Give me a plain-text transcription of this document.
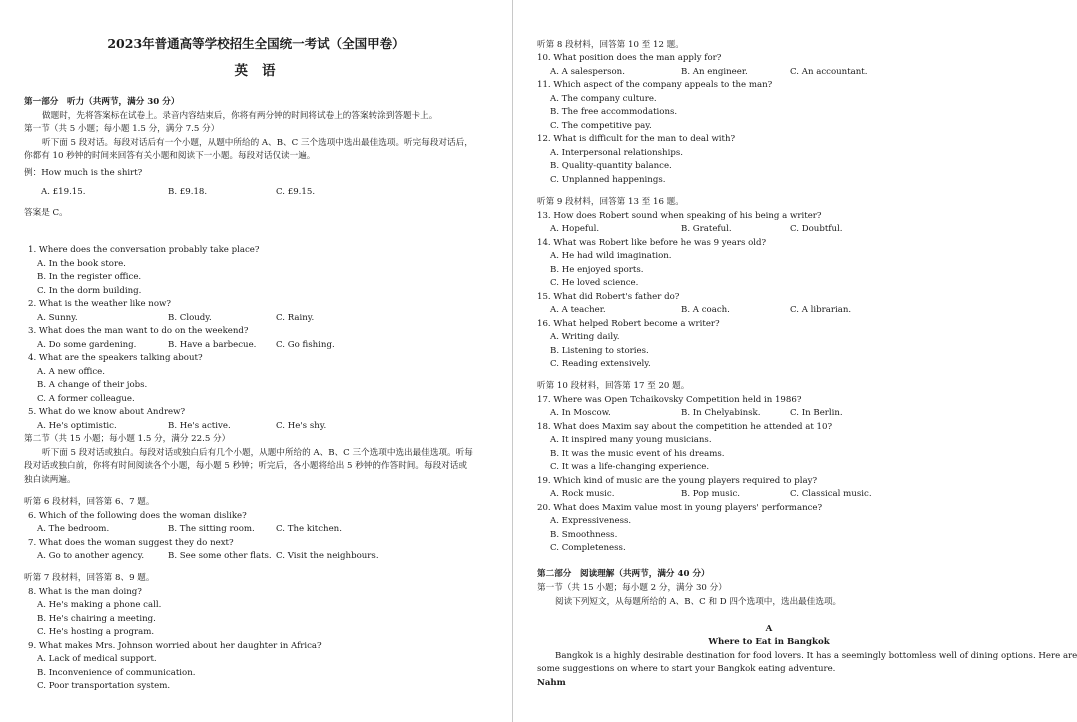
2023年普通高等学校招生全国统一考试（全国甲卷）
英语
第一部分　听力（共两节，满分 30 分）
做题时，先将答案标在试卷上。录音内容结束后，你将有两分钟的时间将试卷上的答案转涂到答题卡上。
第一节（共 5 小题；每小题 1.5 分，满分 7.5 分）
听下面 5 段对话。每段对话后有一个小题，从题中所给的 A、B、C 三个选项中选出最佳选项。听完每段对话后，
你都有 10 秒钟的时间来回答有关小题和阅读下一小题。每段对话仅读一遍。
例：How much is the shirt?
A. £19.15.	B. £9.18.	C. £9.15.
答案是 C。
1. Where does the conversation probably take place?
A. In the book store.
B. In the register office.
C. In the dorm building.
2. What is the weather like now?
A. Sunny.	B. Cloudy.	C. Rainy.
3. What does the man want to do on the weekend?
A. Do some gardening.	B. Have a barbecue. C. Go fishing.
4. What are the speakers talking about?
A. A new office.
B. A change of their jobs.
C. A former colleague.
5. What do we know about Andrew?
A. He's optimistic.	B. He's active.	C. He's shy.
第二节（共 15 小题；每小题 1.5 分，满分 22.5 分）
听下面 5 段对话或独白。每段对话或独白后有几个小题，从题中所给的 A、B、C 三个选项中选出最佳选项。听每
段对话或独白前，你将有时间阅读各个小题，每小题 5 秒钟；听完后，各小题将给出 5 秒钟的作答时间。每段对话或
独白读两遍。
听第 6 段材料，回答第 6、7 题。
6. Which of the following does the woman dislike?
A. The bedroom.	B. The sitting room. C. The kitchen.
7. What does the woman suggest they do next?
A. Go to another agency.	B. See some other flats. C. Visit the neighbours.
听第 7 段材料，回答第 8、9 题。
8. What is the man doing?
A. He's making a phone call.
B. He's chairing a meeting.
C. He's hosting a program.
9. What makes Mrs. Johnson worried about her daughter in Africa?
A. Lack of medical support.
B. Inconvenience of communication.
C. Poor transportation system.
听第 8 段材料，回答第 10 至 12 题。
10. What position does the man apply for?
A. A salesperson.	B. An engineer.	C. An accountant.
11. Which aspect of the company appeals to the man?
A. The company culture.
B. The free accommodations.
C. The competitive pay.
12. What is difficult for the man to deal with?
A. Interpersonal relationships.
B. Quality-quantity balance.
C. Unplanned happenings.
听第 9 段材料，回答第 13 至 16 题。
13. How does Robert sound when speaking of his being a writer?
A. Hopeful.	B. Grateful.	C. Doubtful.
14. What was Robert like before he was 9 years old?
A. He had wild imagination.
B. He enjoyed sports.
C. He loved science.
15. What did Robert's father do?
A. A teacher.	B. A coach.	C. A librarian.
16. What helped Robert become a writer?
A. Writing daily.
B. Listening to stories.
C. Reading extensively.
听第 10 段材料，回答第 17 至 20 题。
17. Where was Open Tchaikovsky Competition held in 1986?
A. In Moscow.	B. In Chelyabinsk.	C. In Berlin.
18. What does Maxim say about the competition he attended at 10?
A. It inspired many young musicians.
B. It was the music event of his dreams.
C. It was a life-changing experience.
19. Which kind of music are the young players required to play?
A. Rock music.	B. Pop music.	C. Classical music.
20. What does Maxim value most in young players' performance?
A. Expressiveness.
B. Smoothness.
C. Completeness.
第二部分　阅读理解（共两节，满分 40 分）
第一节（共 15 小题；每小题 2 分，满分 30 分）
阅读下列短文，从每题所给的 A、B、C 和 D 四个选项中，选出最佳选项。
A
Where to Eat in Bangkok
Bangkok is a highly desirable destination for food lovers. It has a seemingly bottomless well of dining options. Here are
some suggestions on where to start your Bangkok eating adventure.
Nahm
